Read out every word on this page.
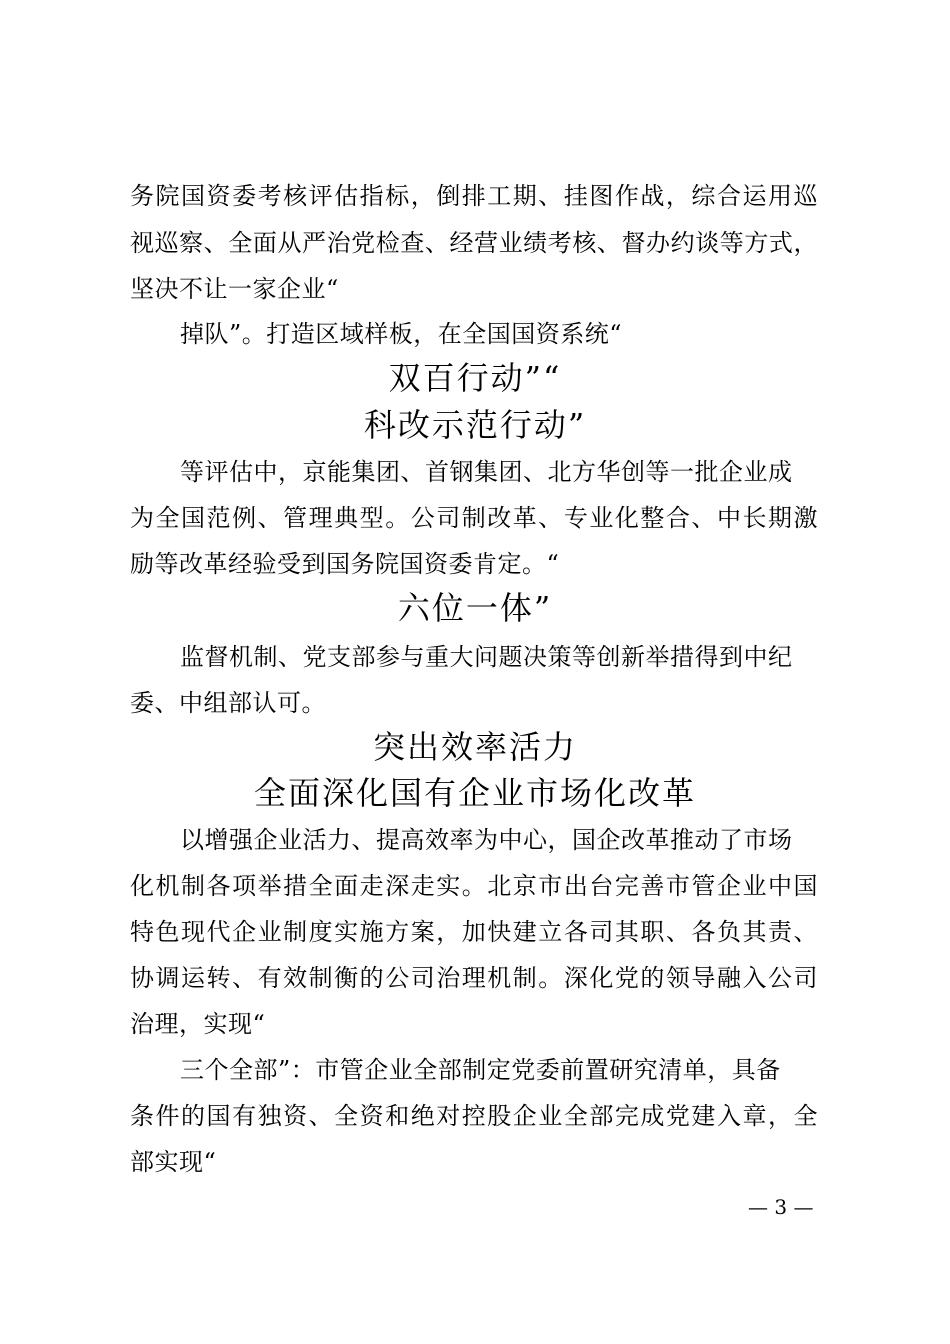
务院国资委考核评估指标，倒排工期、挂图作战，综合运用巡
视巡察、全面从严治党检查、经营业绩考核、督办约谈等方式，
坚决不让一家企业“
掉队”。打造区域样板，在全国国资系统“
双百行动”“
科改示范行动”
等评估中，京能集团、首钢集团、北方华创等一批企业成
为全国范例、管理典型。公司制改革、专业化整合、中长期激
励等改革经验受到国务院国资委肯定。“
六位一体”
监督机制、党支部参与重大问题决策等创新举措得到中纪
委、中组部认可。
突出效率活力
全面深化国有企业市场化改革
以增强企业活力、提高效率为中心，国企改革推动了市场
化机制各项举措全面走深走实。北京市出台完善市管企业中国
特色现代企业制度实施方案，加快建立各司其职、各负其责、
协调运转、有效制衡的公司治理机制。深化党的领导融入公司
治理，实现“
三个全部”：市管企业全部制定党委前置研究清单，具备
条件的国有独资、全资和绝对控股企业全部完成党建入章，全
部实现“
— 3 —
